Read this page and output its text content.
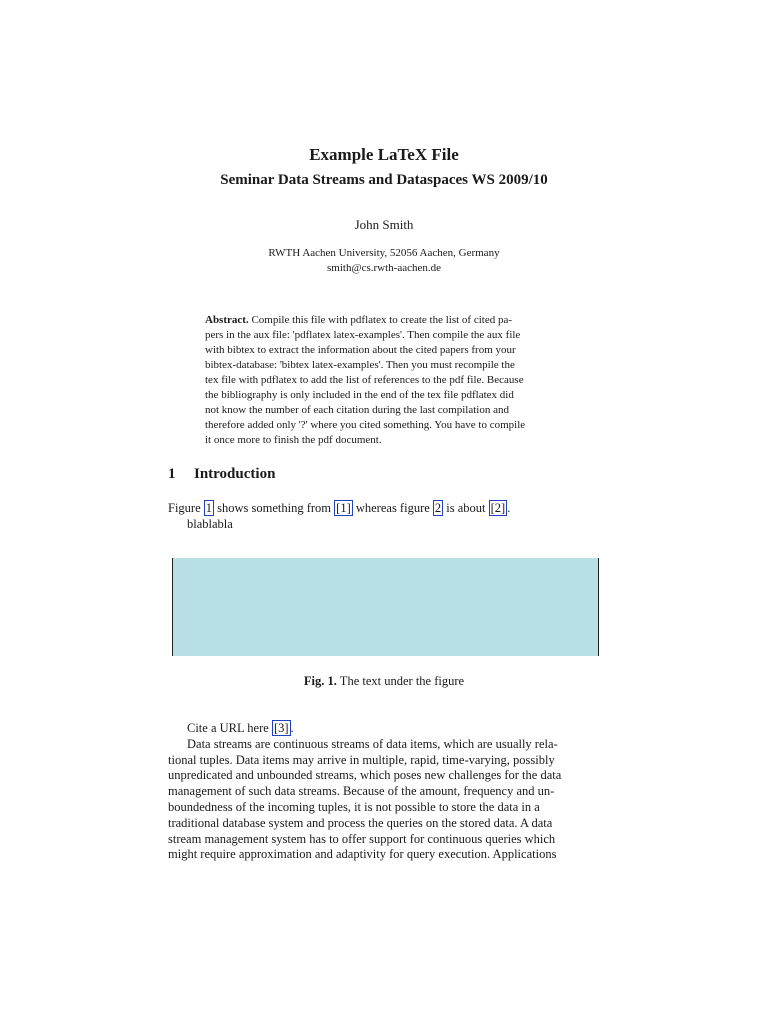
Example LaTeX File
Seminar Data Streams and Dataspaces WS 2009/10
John Smith
RWTH Aachen University, 52056 Aachen, Germany
smith@cs.rwth-aachen.de
Abstract. Compile this file with pdflatex to create the list of cited pa-
pers in the aux file: 'pdflatex latex-examples'. Then compile the aux file
with bibtex to extract the information about the cited papers from your
bibtex-database: 'bibtex latex-examples'. Then you must recompile the
tex file with pdflatex to add the list of references to the pdf file. Because
the bibliography is only included in the end of the tex file pdflatex did
not know the number of each citation during the last compilation and
therefore added only '?' where you cited something. You have to compile
it once more to finish the pdf document.
1 Introduction
Figure 1 shows something from [1] whereas figure 2 is about [2] .
blablabla
Fig. 1. The text under the figure

Cite a URL here [3] .

Data streams are continuous streams of data items, which are usually rela-

tional tuples. Data items may arrive in multiple, rapid, time-varying, possibly
unpredicated and unbounded streams, which poses new challenges for the data
management of such data streams. Because of the amount, frequency and un-
boundedness of the incoming tuples, it is not possible to store the data in a
traditional database system and process the queries on the stored data. A data
stream management system has to offer support for continuous queries which
might require approximation and adaptivity for query execution. Applications
